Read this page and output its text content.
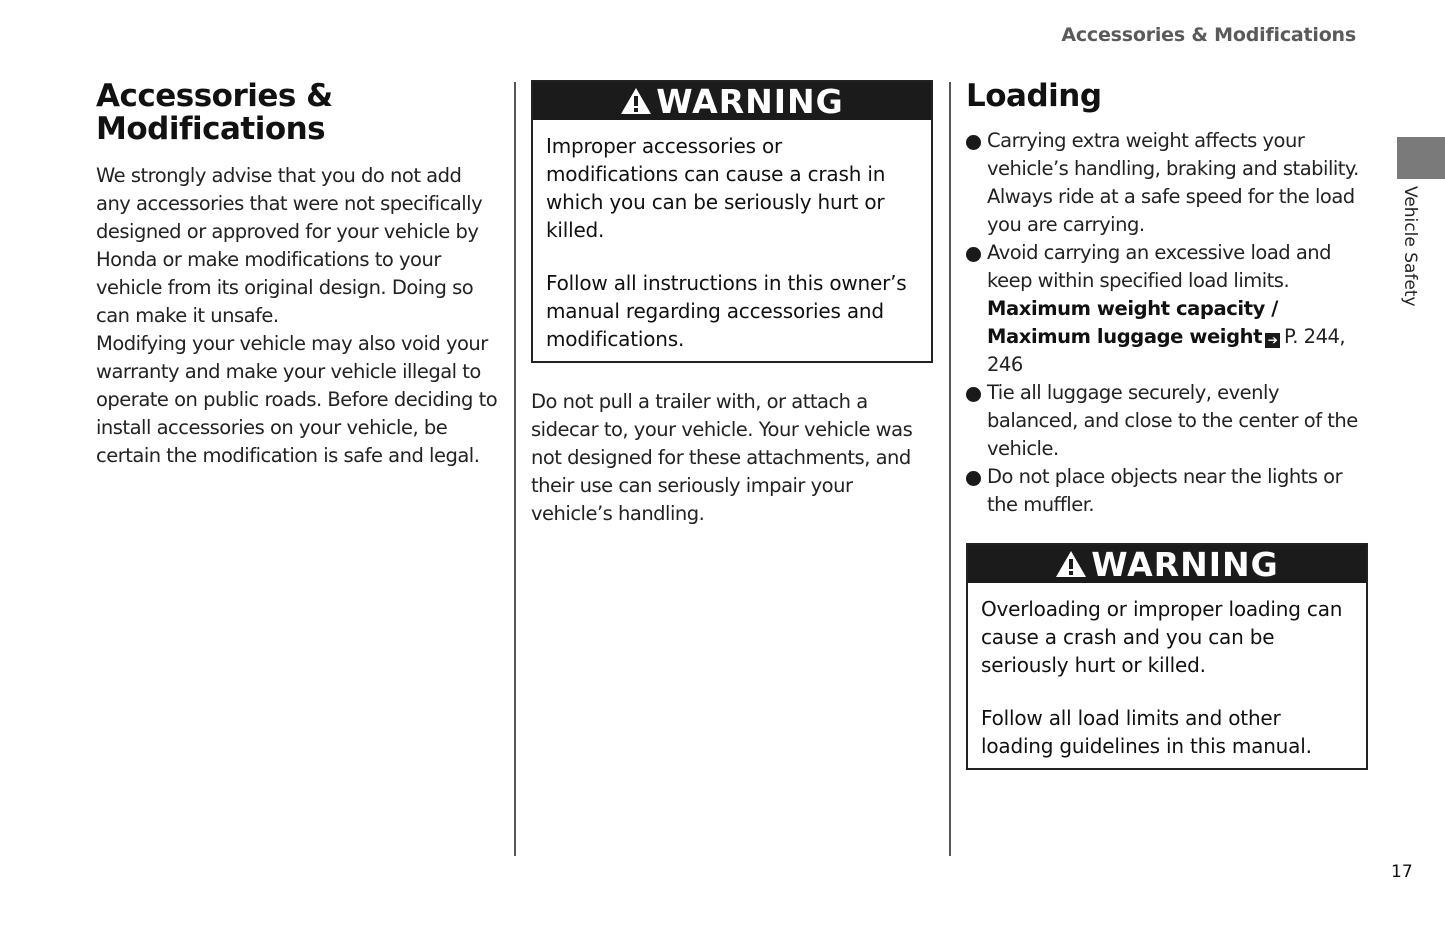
Accessories & Modifications
Accessories & Modifications

We strongly advise that you do not add any accessories that were not specifically designed or approved for your vehicle by Honda or make modifications to your vehicle from its original design. Doing so can make it unsafe.

Modifying your vehicle may also void your warranty and make your vehicle illegal to operate on public roads. Before deciding to install accessories on your vehicle, be certain the modification is safe and legal.

WARNING

Improper accessories or modifications can cause a crash in which you can be seriously hurt or killed.

Follow all instructions in this owner’s manual regarding accessories and modifications.

Do not pull a trailer with, or attach a sidecar to, your vehicle. Your vehicle was not designed for these attachments, and their use can seriously impair your vehicle’s handling.

Loading
Carrying extra weight affects your vehicle’s handling, braking and stability. Always ride at a safe speed for the load you are carrying.
Avoid carrying an excessive load and keep within specified load limits.
Maximum weight capacity / Maximum luggage weight ➔ P. 244, 246
Tie all luggage securely, evenly balanced, and close to the center of the vehicle.
Do not place objects near the lights or the muffler.
WARNING

Overloading or improper loading can cause a crash and you can be seriously hurt or killed.

Follow all load limits and other loading guidelines in this manual.

Vehicle Safety
17
